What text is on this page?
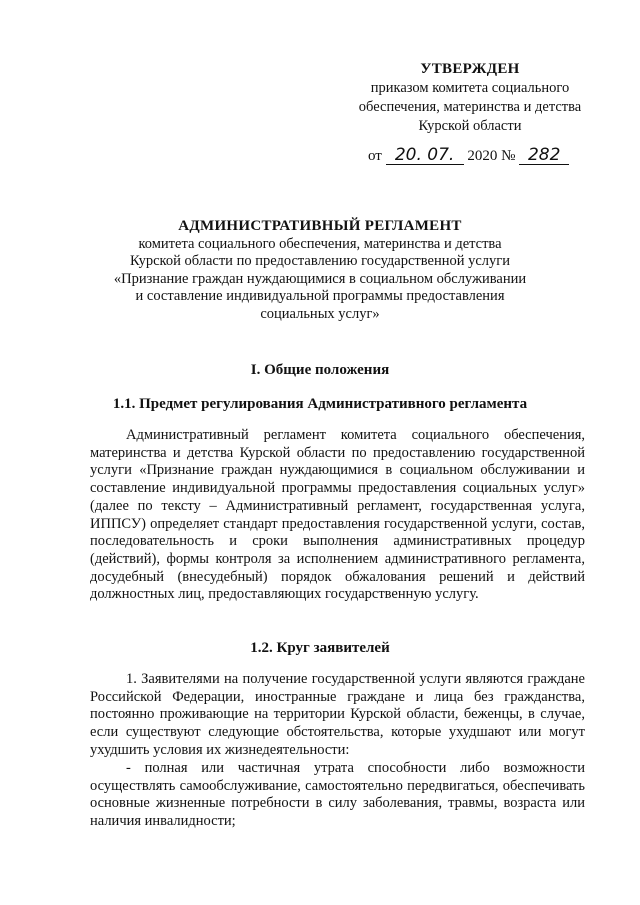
УТВЕРЖДЕН
приказом комитета социального
обеспечения, материнства и детства
Курской области
от 20. 07. 2020 № 282
АДМИНИСТРАТИВНЫЙ РЕГЛАМЕНТ
комитета социального обеспечения, материнства и детства
Курской области по предоставлению государственной услуги
«Признание граждан нуждающимися в социальном обслуживании
и составление индивидуальной программы предоставления
социальных услуг»
I. Общие положения
1.1. Предмет регулирования Административного регламента

Административный регламент комитета социального обеспечения, материнства и детства Курской области по предоставлению государственной услуги «Признание граждан нуждающимися в социальном обслуживании и составление индивидуальной программы предоставления социальных услуг» (далее по тексту – Административный регламент, государственная услуга, ИППСУ) определяет стандарт предоставления государственной услуги, состав, последовательность и сроки выполнения административных процедур (действий), формы контроля за исполнением административного регламента, досудебный (внесудебный) порядок обжалования решений и действий должностных лиц, предоставляющих государственную услугу.

1.2. Круг заявителей

1. Заявителями на получение государственной услуги являются граждане Российской Федерации, иностранные граждане и лица без гражданства, постоянно проживающие на территории Курской области, беженцы, в случае, если существуют следующие обстоятельства, которые ухудшают или могут ухудшить условия их жизнедеятельности:

- полная или частичная утрата способности либо возможности осуществлять самообслуживание, самостоятельно передвигаться, обеспечивать основные жизненные потребности в силу заболевания, травмы, возраста или наличия инвалидности;
